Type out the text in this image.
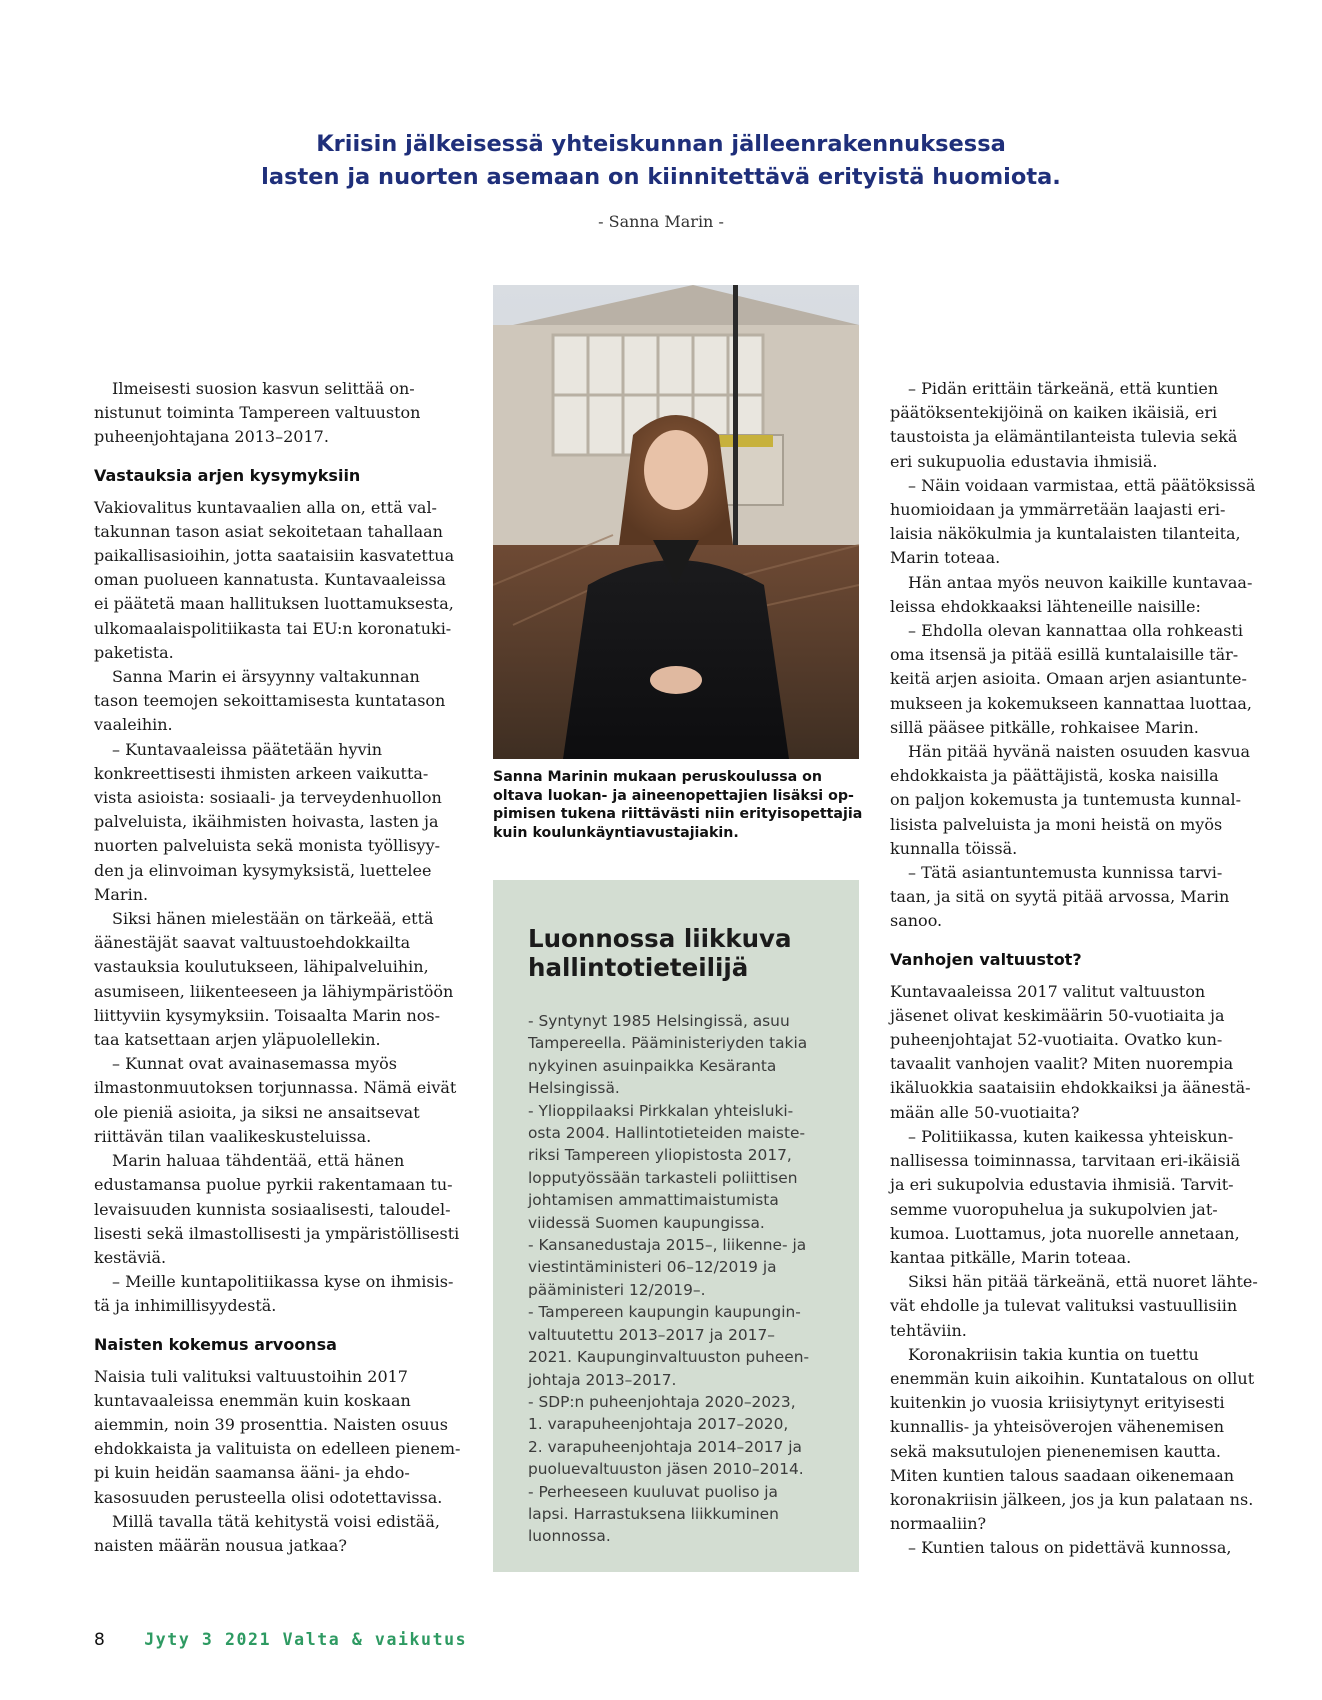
Kriisin jälkeisessä yhteiskunnan jälleenrakennuksessa
lasten ja nuorten asemaan on kiinnitettävä erityistä huomiota.
- Sanna Marin -

Ilmeisesti suosion kasvun selittää on-

nistunut toiminta Tampereen valtuuston

puheenjohtajana 2013–2017.

Vastauksia arjen kysymyksiin

Vakiovalitus kuntavaalien alla on, että val-

takunnan tason asiat sekoitetaan tahallaan

paikallisasioihin, jotta saataisiin kasvatettua

oman puolueen kannatusta. Kuntavaaleissa

ei päätetä maan hallituksen luottamuksesta,

ulkomaalaispolitiikasta tai EU:n koronatuki-

paketista.

Sanna Marin ei ärsyynny valtakunnan

tason teemojen sekoittamisesta kuntatason

vaaleihin.

– Kuntavaaleissa päätetään hyvin

konkreettisesti ihmisten arkeen vaikutta-

vista asioista: sosiaali- ja terveydenhuollon

palveluista, ikäihmisten hoivasta, lasten ja

nuorten palveluista sekä monista työllisyy-

den ja elinvoiman kysymyksistä, luettelee

Marin.

Siksi hänen mielestään on tärkeää, että

äänestäjät saavat valtuustoehdokkailta

vastauksia koulutukseen, lähipalveluihin,

asumiseen, liikenteeseen ja lähiympäristöön

liittyviin kysymyksiin. Toisaalta Marin nos-

taa katsettaan arjen yläpuolellekin.

– Kunnat ovat avainasemassa myös

ilmastonmuutoksen torjunnassa. Nämä eivät

ole pieniä asioita, ja siksi ne ansaitsevat

riittävän tilan vaalikeskusteluissa.

Marin haluaa tähdentää, että hänen

edustamansa puolue pyrkii rakentamaan tu-

levaisuuden kunnista sosiaalisesti, taloudel-

lisesti sekä ilmastollisesti ja ympäristöllisesti

kestäviä.

– Meille kuntapolitiikassa kyse on ihmisis-

tä ja inhimillisyydestä.

Naisten kokemus arvoonsa

Naisia tuli valituksi valtuustoihin 2017

kuntavaaleissa enemmän kuin koskaan

aiemmin, noin 39 prosenttia. Naisten osuus

ehdokkaista ja valituista on edelleen pienem-

pi kuin heidän saamansa ääni- ja ehdo-

kasosuuden perusteella olisi odotettavissa.

Millä tavalla tätä kehitystä voisi edistää,

naisten määrän nousua jatkaa?

Sanna Marinin mukaan peruskoulussa on
oltava luokan- ja aineenopettajien lisäksi op-
pimisen tukena riittävästi niin erityisopettajia
kuin koulunkäyntiavustajiakin.
Luonnossa liikkuva
hallintotieteilijä
- Syntynyt 1985 Helsingissä, asuu
Tampereella. Pääministeriyden takia
nykyinen asuinpaikka Kesäranta
Helsingissä.
- Ylioppilaaksi Pirkkalan yhteisluki-
osta 2004. Hallintotieteiden maiste-
riksi Tampereen yliopistosta 2017,
lopputyössään tarkasteli poliittisen
johtamisen ammattimaistumista
viidessä Suomen kaupungissa.
- Kansanedustaja 2015–, liikenne- ja
viestintäministeri 06–12/2019 ja
pääministeri 12/2019–.
- Tampereen kaupungin kaupungin-
valtuutettu 2013–2017 ja 2017–
2021. Kaupunginvaltuuston puheen-
johtaja 2013–2017.
- SDP:n puheenjohtaja 2020–2023,
1. varapuheenjohtaja 2017–2020,
2. varapuheenjohtaja 2014–2017 ja
puoluevaltuuston jäsen 2010–2014.
- Perheeseen kuuluvat puoliso ja
lapsi. Harrastuksena liikkuminen
luonnossa.

– Pidän erittäin tärkeänä, että kuntien

päätöksentekijöinä on kaiken ikäisiä, eri

taustoista ja elämäntilanteista tulevia sekä

eri sukupuolia edustavia ihmisiä.

– Näin voidaan varmistaa, että päätöksissä

huomioidaan ja ymmärretään laajasti eri-

laisia näkökulmia ja kuntalaisten tilanteita,

Marin toteaa.

Hän antaa myös neuvon kaikille kuntavaa-

leissa ehdokkaaksi lähteneille naisille:

– Ehdolla olevan kannattaa olla rohkeasti

oma itsensä ja pitää esillä kuntalaisille tär-

keitä arjen asioita. Omaan arjen asiantunte-

mukseen ja kokemukseen kannattaa luottaa,

sillä pääsee pitkälle, rohkaisee Marin.

Hän pitää hyvänä naisten osuuden kasvua

ehdokkaista ja päättäjistä, koska naisilla

on paljon kokemusta ja tuntemusta kunnal-

lisista palveluista ja moni heistä on myös

kunnalla töissä.

– Tätä asiantuntemusta kunnissa tarvi-

taan, ja sitä on syytä pitää arvossa, Marin

sanoo.

Vanhojen valtuustot?

Kuntavaaleissa 2017 valitut valtuuston

jäsenet olivat keskimäärin 50-vuotiaita ja

puheenjohtajat 52-vuotiaita. Ovatko kun-

tavaalit vanhojen vaalit? Miten nuorempia

ikäluokkia saataisiin ehdokkaiksi ja äänestä-

mään alle 50-vuotiaita?

– Politiikassa, kuten kaikessa yhteiskun-

nallisessa toiminnassa, tarvitaan eri-ikäisiä

ja eri sukupolvia edustavia ihmisiä. Tarvit-

semme vuoropuhelua ja sukupolvien jat-

kumoa. Luottamus, jota nuorelle annetaan,

kantaa pitkälle, Marin toteaa.

Siksi hän pitää tärkeänä, että nuoret lähte-

vät ehdolle ja tulevat valituksi vastuullisiin

tehtäviin.

Koronakriisin takia kuntia on tuettu

enemmän kuin aikoihin. Kuntatalous on ollut

kuitenkin jo vuosia kriisiytynyt erityisesti

kunnallis- ja yhteisöverojen vähenemisen

sekä maksutulojen pienenemisen kautta.

Miten kuntien talous saadaan oikenemaan

koronakriisin jälkeen, jos ja kun palataan ns.

normaaliin?

– Kuntien talous on pidettävä kunnossa,

8 Jyty 3 2021 Valta & vaikutus
